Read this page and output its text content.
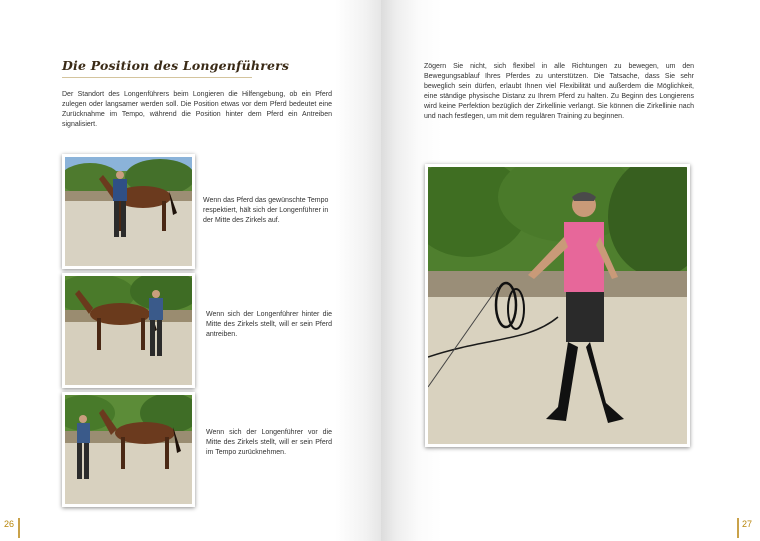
Die Position des Longenführers
Der Standort des Longenführers beim Longieren die Hilfengebung, ob ein Pferd zulegen oder langsamer werden soll. Die Position etwas vor dem Pferd bedeutet eine Zurücknahme im Tempo, während die Position hinter dem Pferd ein Antreiben signalisiert.
Wenn das Pferd das gewünschte Tempo respektiert, hält sich der Longenführer in der Mitte des Zirkels auf.
Wenn sich der Longenführer hinter die Mitte des Zirkels stellt, will er sein Pferd antreiben.
Wenn sich der Longenführer vor die Mitte des Zirkels stellt, will er sein Pferd im Tempo zurücknehmen.
26
Zögern Sie nicht, sich flexibel in alle Richtungen zu bewegen, um den Bewegungsablauf Ihres Pferdes zu unterstützen. Die Tatsache, dass Sie sehr beweglich sein dürfen, erlaubt Ihnen viel Flexibilität und außerdem die Möglichkeit, eine ständige physische Distanz zu Ihrem Pferd zu halten. Zu Beginn des Longierens wird keine Perfektion bezüglich der Zirkellinie verlangt. Sie können die Zirkellinie nach und nach festlegen, um mit dem regulären Training zu beginnen.
27
